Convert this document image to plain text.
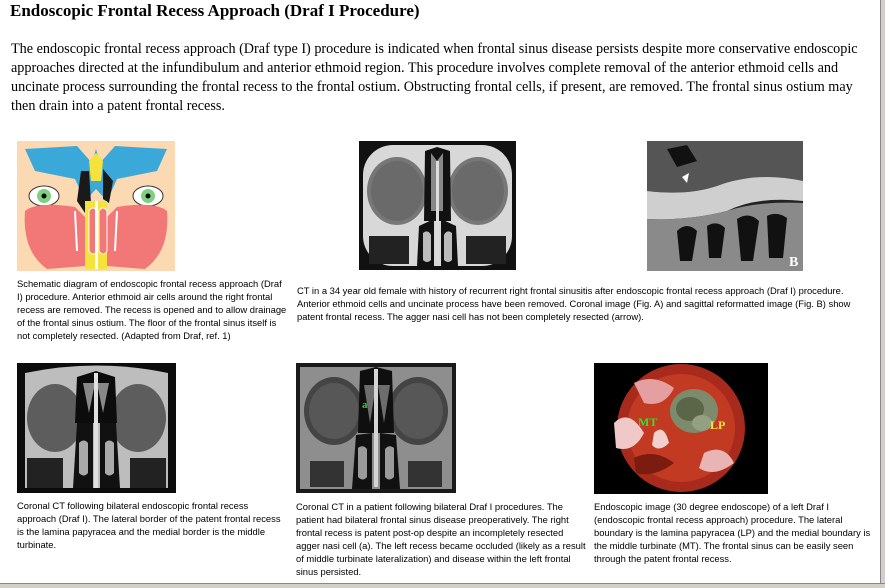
Endoscopic Frontal Recess Approach (Draf I Procedure)

The endoscopic frontal recess approach (Draf type I) procedure is indicated when frontal sinus disease persists despite more conservative endoscopic approaches directed at the infundibulum and anterior ethmoid region. This procedure involves complete removal of the anterior ethmoid cells and uncinate process surrounding the frontal recess to the frontal ostium. Obstructing frontal cells, if present, are removed. The frontal sinus ostium may then drain into a patent frontal recess.

Schematic diagram of endoscopic frontal recess approach (Draf I) procedure. Anterior ethmoid air cells around the right frontal recess are removed. The recess is opened and to allow drainage of the frontal sinus ostium. The floor of the frontal sinus itself is not completely resected. (Adapted from Draf, ref. 1)

B

CT in a 34 year old female with history of recurrent right frontal sinusitis after endoscopic frontal recess approach (Draf I) procedure. Anterior ethmoid cells and uncinate process have been removed. Coronal image (Fig. A) and sagittal reformatted image (Fig. B) show patent frontal recess. The agger nasi cell has not been completely resected (arrow).

Coronal CT following bilateral endoscopic frontal recess approach (Draf I). The lateral border of the patent frontal recess is the lamina papyracea and the medial border is the middle turbinate.

a

Coronal CT in a patient following bilateral Draf I procedures. The patient had bilateral frontal sinus disease preoperatively. The right frontal recess is patent post-op despite an incompletely resected agger nasi cell (a). The left recess became occluded (likely as a result of middle turbinate lateralization) and disease within the left frontal sinus persisted.

MT	LP

Endoscopic image (30 degree endoscope) of a left Draf I (endoscopic frontal recess approach) procedure. The lateral boundary is the lamina papyracea (LP) and the medial boundary is the middle turbinate (MT). The frontal sinus can be easily seen through the patent frontal recess.
